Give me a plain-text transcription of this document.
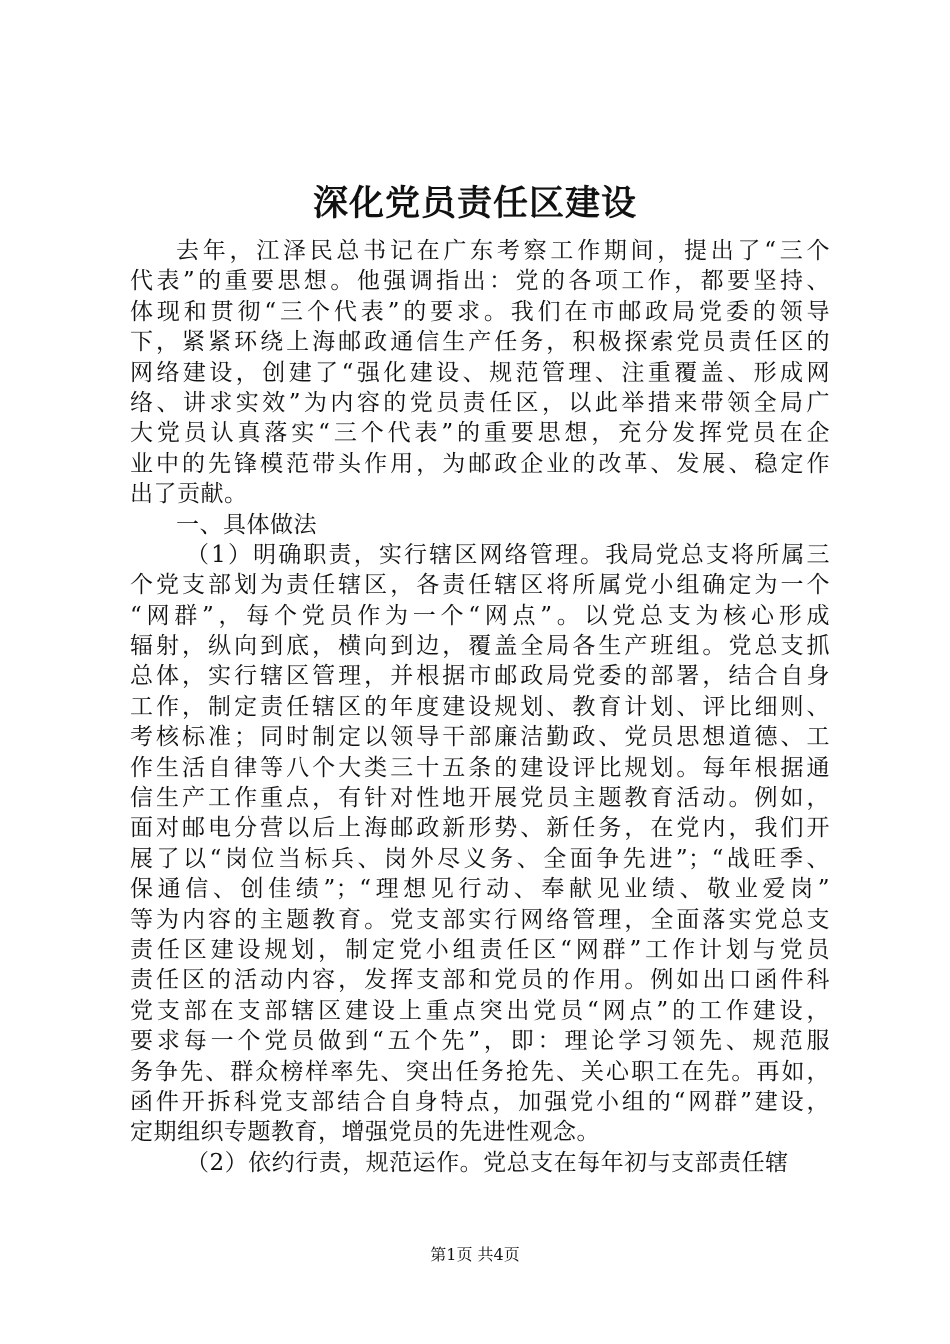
深化党员责任区建设
去年，江泽民总书记在广东考察工作期间，提出了“三个
代表”的重要思想。他强调指出：党的各项工作，都要坚持、
体现和贯彻“三个代表”的要求。我们在市邮政局党委的领导
下，紧紧环绕上海邮政通信生产任务，积极探索党员责任区的
网络建设，创建了“强化建设、规范管理、注重覆盖、形成网
络、讲求实效”为内容的党员责任区，以此举措来带领全局广
大党员认真落实“三个代表”的重要思想，充分发挥党员在企
业中的先锋模范带头作用，为邮政企业的改革、发展、稳定作
出了贡献。
一、具体做法
（1）明确职责，实行辖区网络管理。我局党总支将所属三
个党支部划为责任辖区，各责任辖区将所属党小组确定为一个
“网群”，每个党员作为一个“网点”。以党总支为核心形成
辐射，纵向到底，横向到边，覆盖全局各生产班组。党总支抓
总体，实行辖区管理，并根据市邮政局党委的部署，结合自身
工作，制定责任辖区的年度建设规划、教育计划、评比细则、
考核标准；同时制定以领导干部廉洁勤政、党员思想道德、工
作生活自律等八个大类三十五条的建设评比规划。每年根据通
信生产工作重点，有针对性地开展党员主题教育活动。例如，
面对邮电分营以后上海邮政新形势、新任务，在党内，我们开
展了以“岗位当标兵、岗外尽义务、全面争先进”；“战旺季、
保通信、创佳绩”；“理想见行动、奉献见业绩、敬业爱岗”
等为内容的主题教育。党支部实行网络管理，全面落实党总支
责任区建设规划，制定党小组责任区“网群”工作计划与党员
责任区的活动内容，发挥支部和党员的作用。例如出口函件科
党支部在支部辖区建设上重点突出党员“网点”的工作建设，
要求每一个党员做到“五个先”，即：理论学习领先、规范服
务争先、群众榜样率先、突出任务抢先、关心职工在先。再如，
函件开拆科党支部结合自身特点，加强党小组的“网群”建设，
定期组织专题教育，增强党员的先进性观念。
（2）依约行责，规范运作。党总支在每年初与支部责任辖
第1页 共4页
